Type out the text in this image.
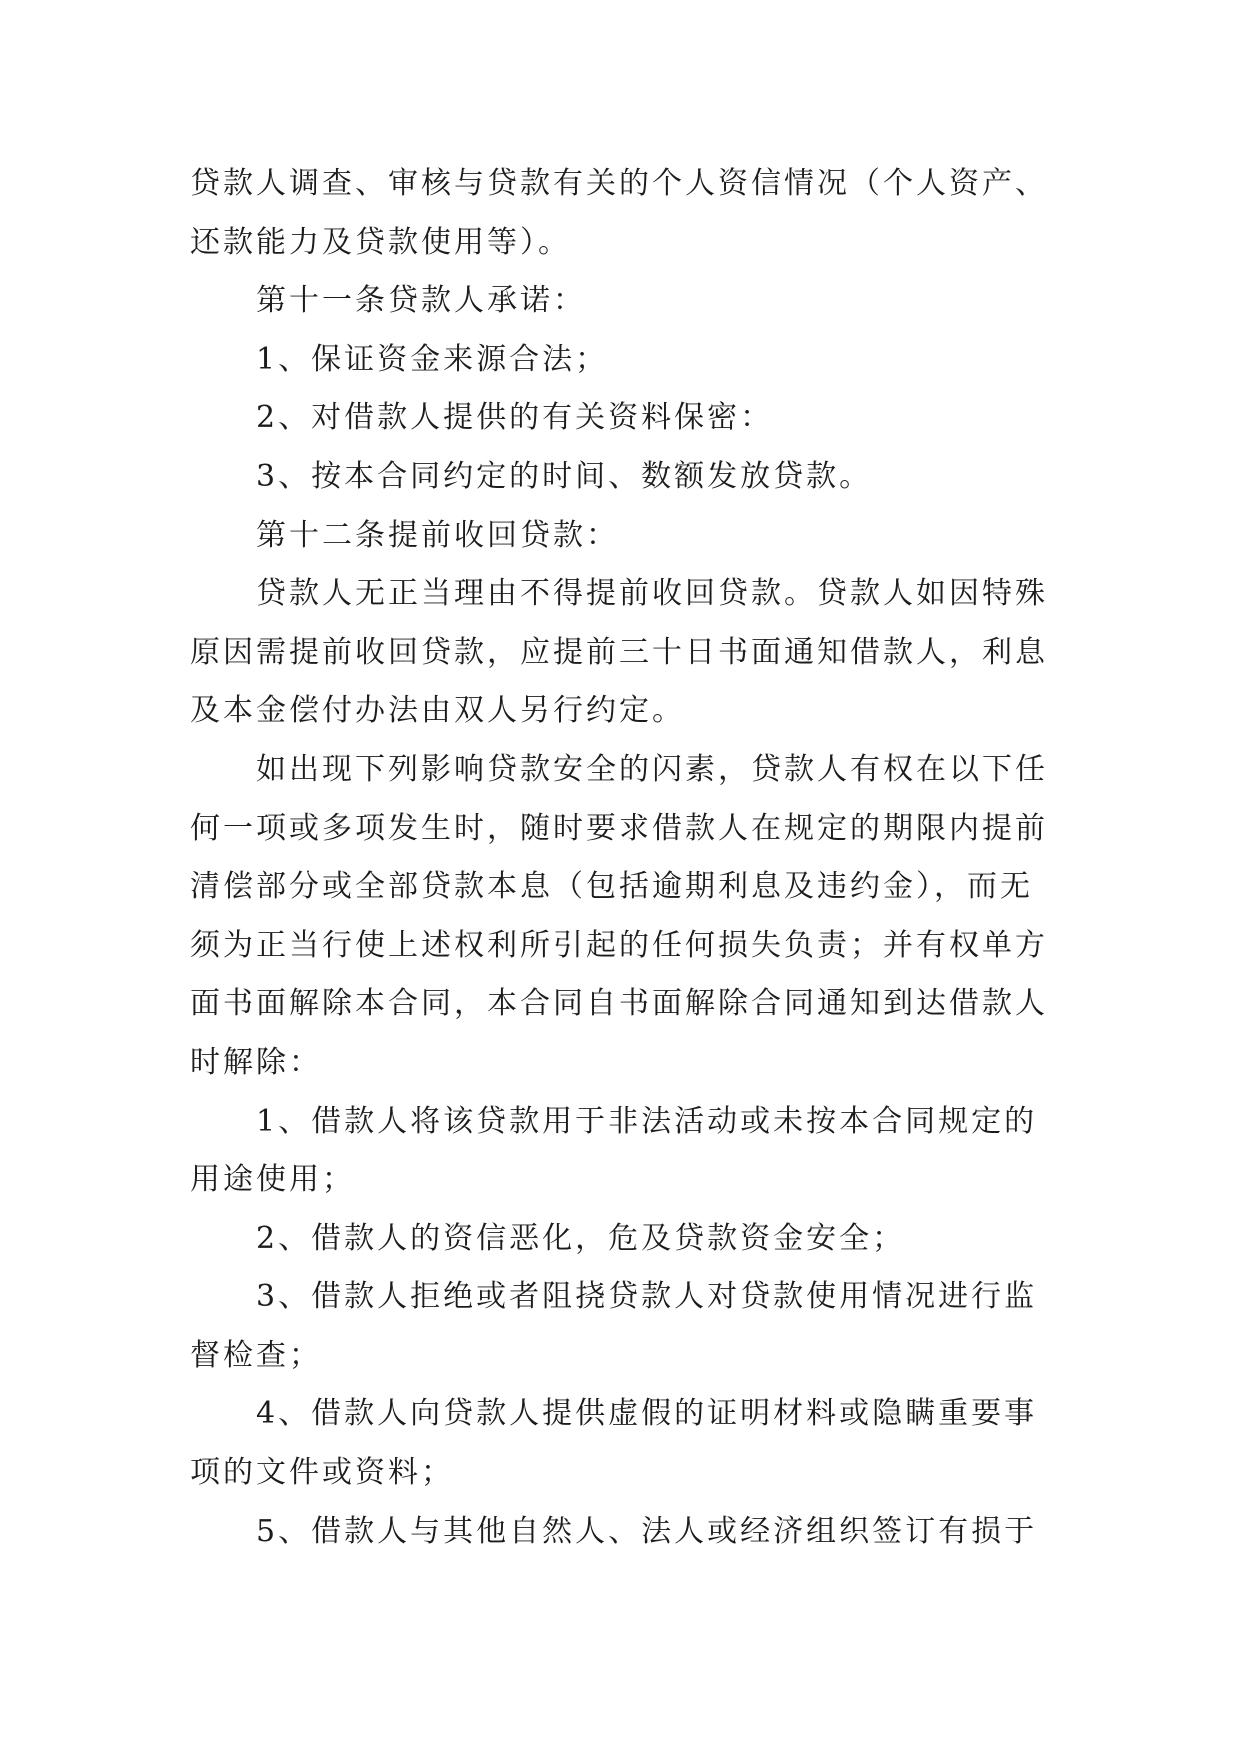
贷款人调查、审核与贷款有关的个人资信情况（个人资产、
还款能力及贷款使用等）。
第十一条贷款人承诺：
1、保证资金来源合法；
2、对借款人提供的有关资料保密：
3、按本合同约定的时间、数额发放贷款。
第十二条提前收回贷款：
贷款人无正当理由不得提前收回贷款。贷款人如因特殊
原因需提前收回贷款，应提前三十日书面通知借款人，利息
及本金偿付办法由双人另行约定。
如出现下列影响贷款安全的闪素，贷款人有权在以下任
何一项或多项发生时，随时要求借款人在规定的期限内提前
清偿部分或全部贷款本息（包括逾期利息及违约金），而无
须为正当行使上述权利所引起的任何损失负责；并有权单方
面书面解除本合同，本合同自书面解除合同通知到达借款人
时解除：
1、借款人将该贷款用于非法活动或未按本合同规定的
用途使用；
2、借款人的资信恶化，危及贷款资金安全；
3、借款人拒绝或者阻挠贷款人对贷款使用情况进行监
督检查；
4、借款人向贷款人提供虚假的证明材料或隐瞒重要事
项的文件或资料；
5、借款人与其他自然人、法人或经济组织签订有损于
